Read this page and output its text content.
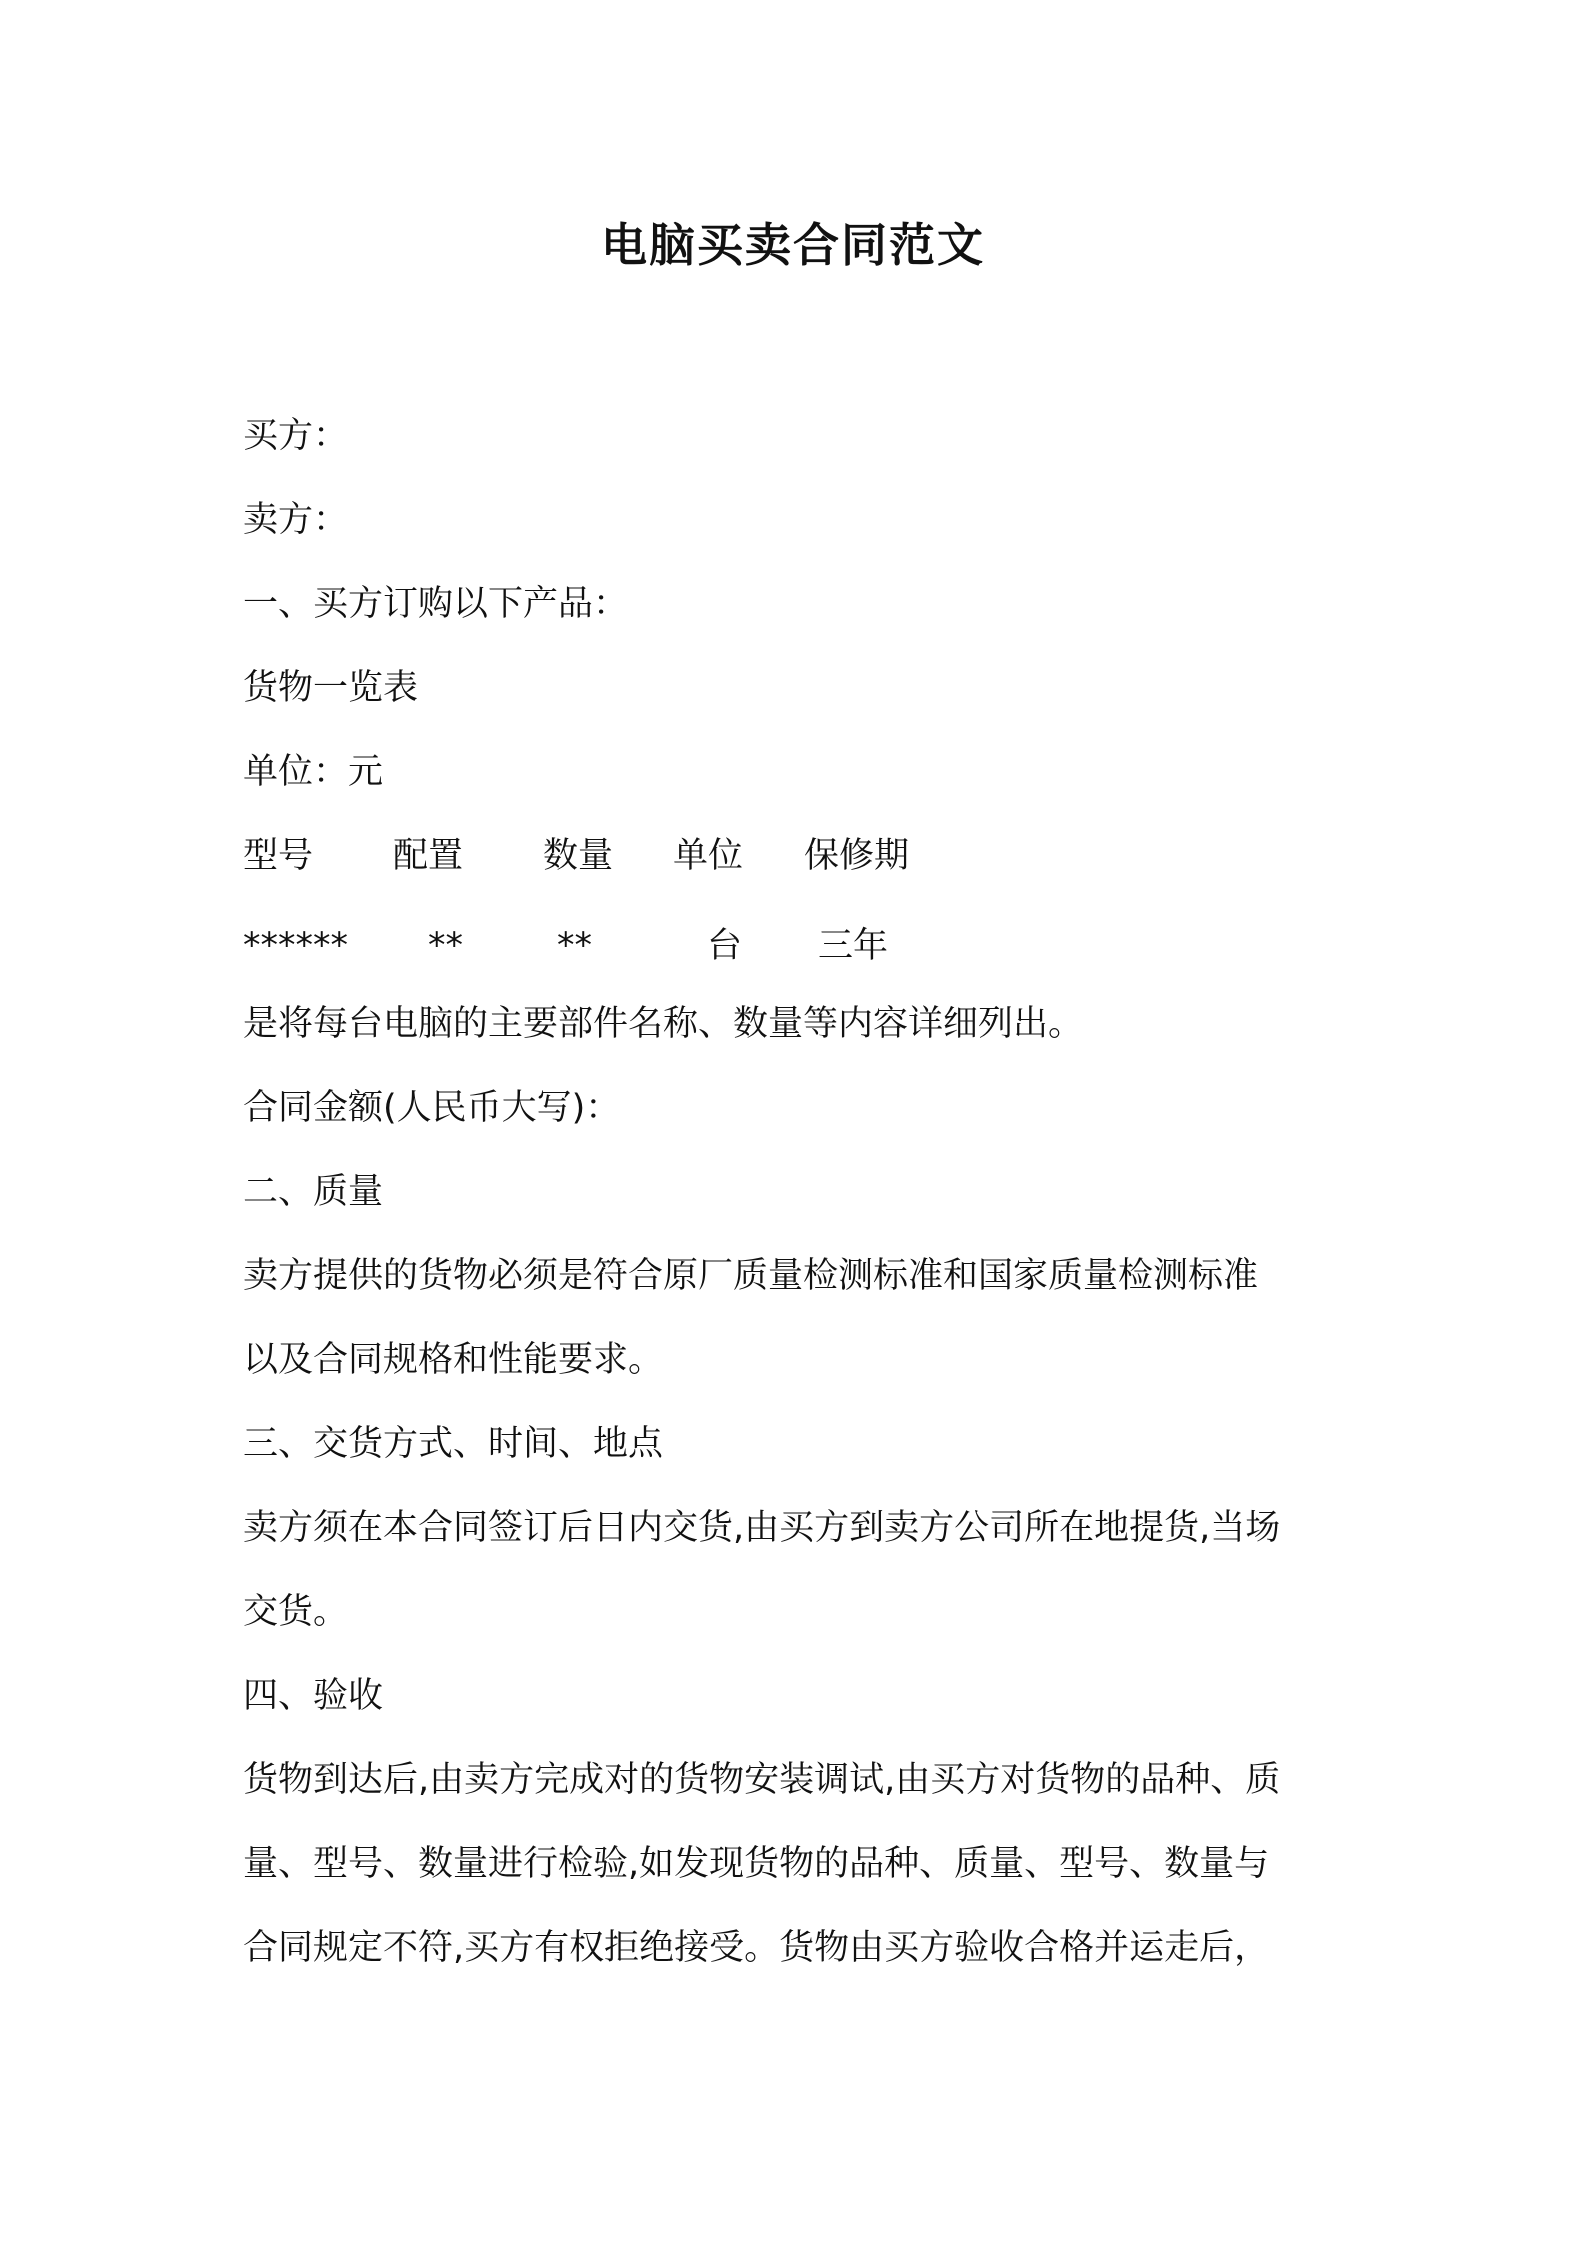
电脑买卖合同范文

买方：

卖方：

一、买方订购以下产品：

货物一览表

单位：元

型号 配置 数量 单位 保修期
****** **	**	台 三年

是将每台电脑的主要部件名称、数量等内容详细列出。

合同金额(人民币大写)：

二、质量

卖方提供的货物必须是符合原厂质量检测标准和国家质量检测标准

以及合同规格和性能要求。

三、交货方式、时间、地点

卖方须在本合同签订后日内交货,由买方到卖方公司所在地提货,当场

交货。

四、验收

货物到达后,由卖方完成对的货物安装调试,由买方对货物的品种、质

量、型号、数量进行检验,如发现货物的品种、质量、型号、数量与

合同规定不符,买方有权拒绝接受。货物由买方验收合格并运走后，
